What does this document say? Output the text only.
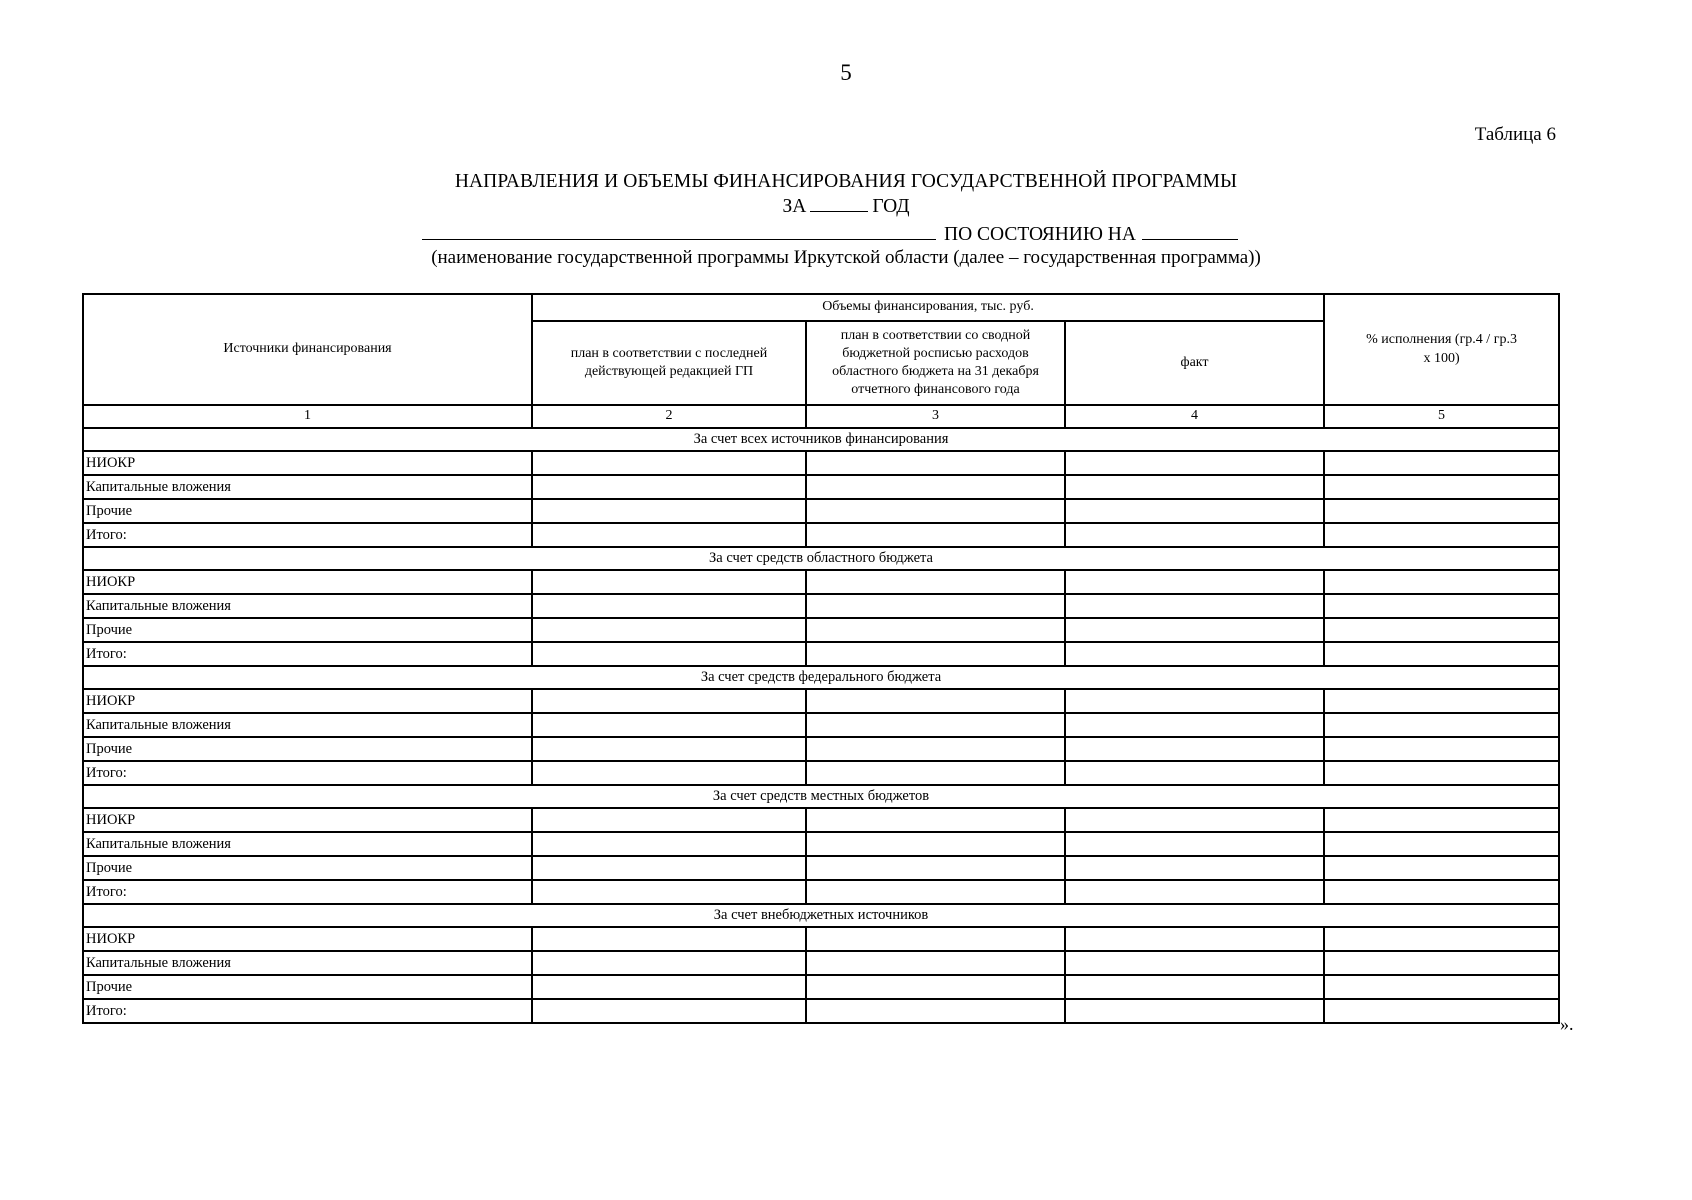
5
Таблица 6
НАПРАВЛЕНИЯ И ОБЪЕМЫ ФИНАНСИРОВАНИЯ ГОСУДАРСТВЕННОЙ ПРОГРАММЫ
ЗА	ГОД
ПО СОСТОЯНИЮ НА
(наименование государственной программы Иркутской области (далее – государственная программа))
Источники финансирования	Объемы финансирования, тыс. руб.			% исполнения (гр.4 / гр.3 x 100)
	план в соответствии с последней действующей редакцией ГП	план в соответствии со сводной бюджетной росписью расходов областного бюджета на 31 декабря отчетного финансового года	факт	
1	2	3	4	5
За счет всех источников финансирования				
НИОКР				
Капитальные вложения				
Прочие				
Итого:				
За счет средств областного бюджета				
НИОКР				
Капитальные вложения				
Прочие				
Итого:				
За счет средств федерального бюджета				
НИОКР				
Капитальные вложения				
Прочие				
Итого:				
За счет средств местных бюджетов				
НИОКР				
Капитальные вложения				
Прочие				
Итого:				
За счет внебюджетных источников				
НИОКР				
Капитальные вложения				
Прочие				
Итого:				
».
